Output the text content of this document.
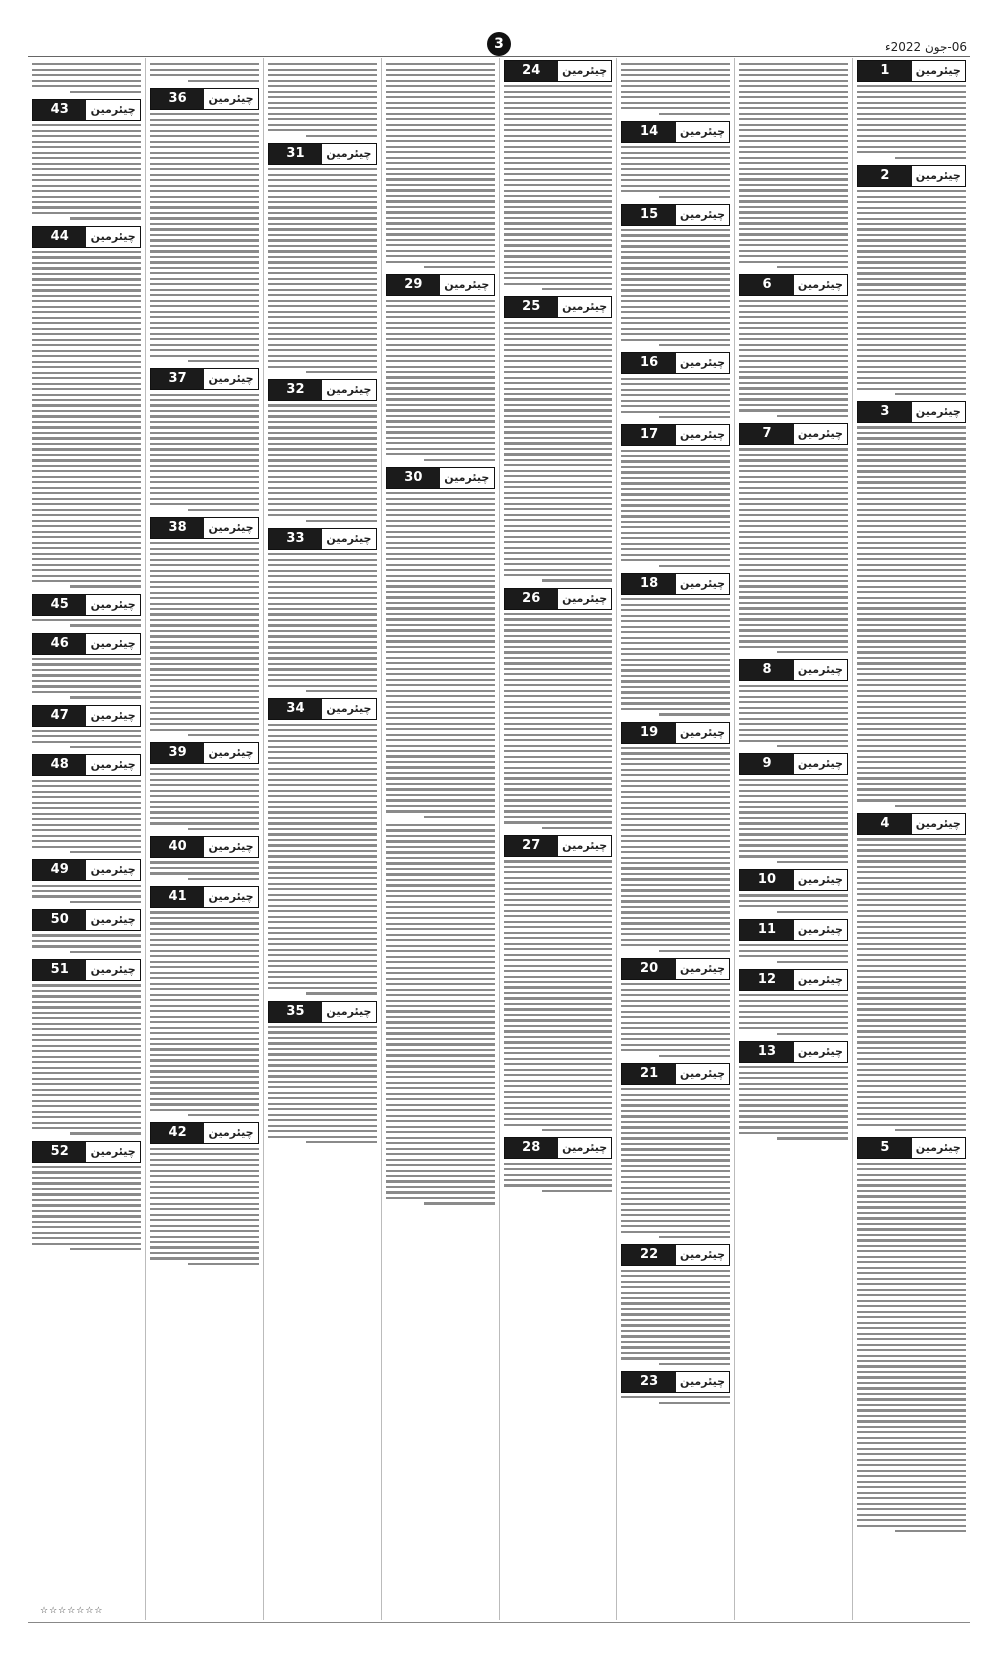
06-جون 2022ء
3
چیئرمین
1
چیئرمین
2
چیئرمین
3
چیئرمین
4
چیئرمین
5
چیئرمین
6
چیئرمین
7
چیئرمین
8
چیئرمین
9
چیئرمین
10
چیئرمین
11
چیئرمین
12
چیئرمین
13
چیئرمین
14
چیئرمین
15
چیئرمین
16
چیئرمین
17
چیئرمین
18
چیئرمین
19
چیئرمین
20
چیئرمین
21
چیئرمین
22
چیئرمین
23
چیئرمین
24
چیئرمین
25
چیئرمین
26
چیئرمین
27
چیئرمین
28
چیئرمین
29
چیئرمین
30
چیئرمین
31
چیئرمین
32
چیئرمین
33
چیئرمین
34
چیئرمین
35
چیئرمین
36
چیئرمین
37
چیئرمین
38
چیئرمین
39
چیئرمین
40
چیئرمین
41
چیئرمین
42
چیئرمین
43
چیئرمین
44
چیئرمین
45
چیئرمین
46
چیئرمین
47
چیئرمین
48
چیئرمین
49
چیئرمین
50
چیئرمین
51
چیئرمین
52
☆☆☆☆☆☆☆
